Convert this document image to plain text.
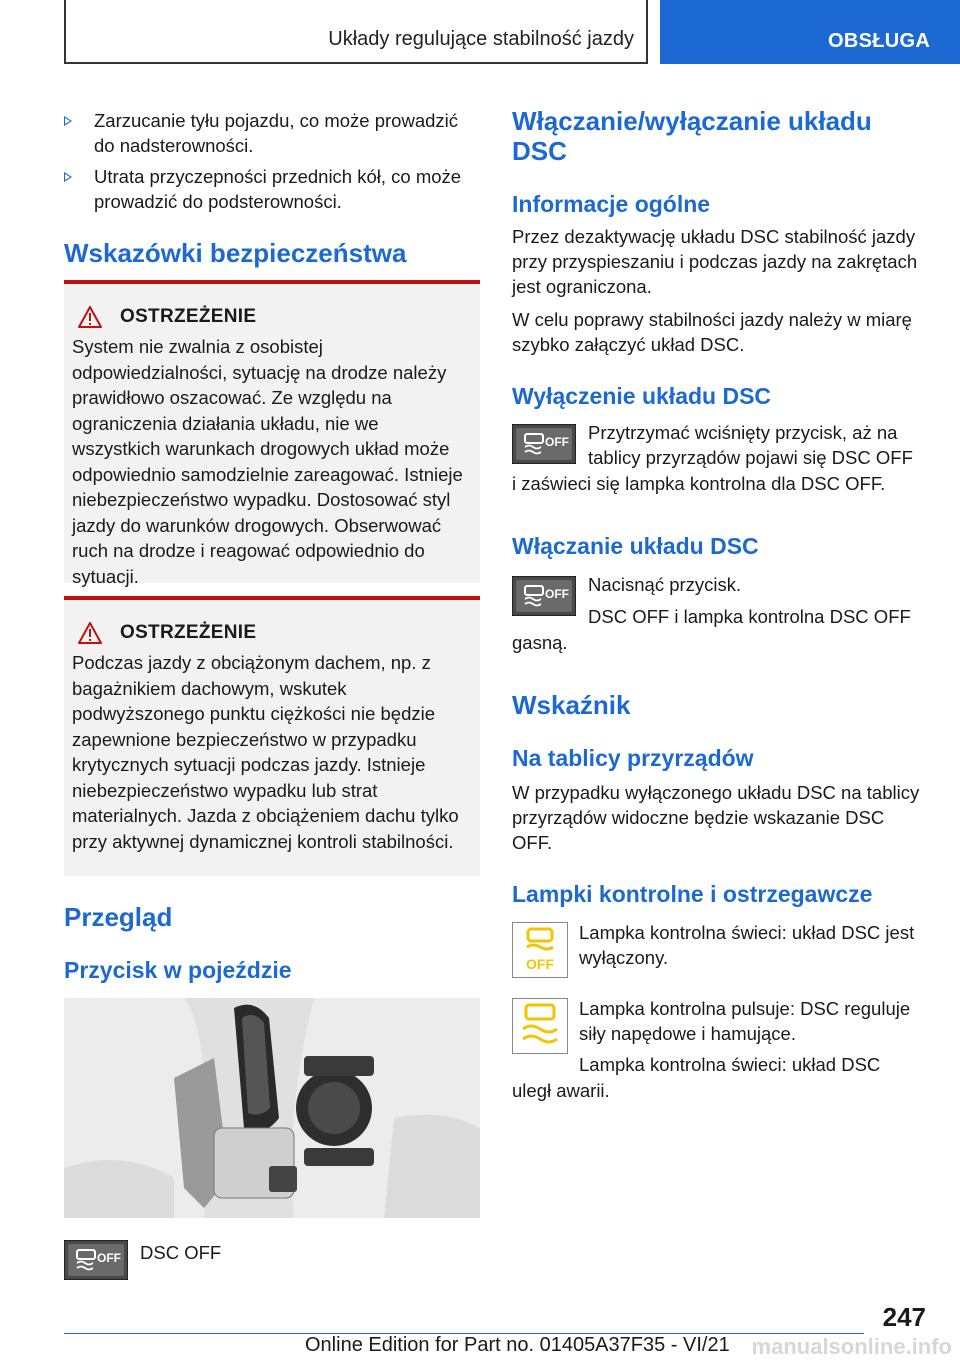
Układy regulujące stabilność jazdy	OBSŁUGA
Zarzucanie tyłu pojazdu, co może prowadzić do nadsterowności.
Utrata przyczepności przednich kół, co może prowadzić do podsterowności.
Wskazówki bezpieczeństwa
OSTRZEŻENIE

System nie zwalnia z osobistej odpowiedzialności, sytuację na drodze należy prawidłowo oszacować. Ze względu na ograniczenia działania układu, nie we wszystkich warunkach drogowych układ może odpowiednio samodzielnie zareagować. Istnieje niebezpieczeństwo wypadku. Dostosować styl jazdy do warunków drogowych. Obserwować ruch na drodze i reagować odpowiednio do sytuacji.

OSTRZEŻENIE

Podczas jazdy z obciążonym dachem, np. z bagażnikiem dachowym, wskutek podwyższonego punktu ciężkości nie będzie zapewnione bezpieczeństwo w przypadku krytycznych sytuacji podczas jazdy. Istnieje niebezpieczeństwo wypadku lub strat materialnych. Jazda z obciążeniem dachu tylko przy aktywnej dynamicznej kontroli stabilności.

Przegląd
Przycisk w pojeździe
OFF DSC OFF
Włączanie/wyłączanie układu DSC
Informacje ogólne

Przez dezaktywację układu DSC stabilność jazdy przy przyspieszaniu i podczas jazdy na zakrętach jest ograniczona.

W celu poprawy stabilności jazdy należy w miarę szybko załączyć układ DSC.

Wyłączenie układu DSC
OFF Przytrzymać wciśnięty przycisk, aż na

tablicy przyrządów pojawi się DSC OFF

i zaświeci się lampka kontrolna dla DSC OFF.

Włączanie układu DSC
OFF Nacisnąć przycisk.

DSC OFF i lampka kontrolna DSC OFF

gasną.

Wskaźnik
Na tablicy przyrządów

W przypadku wyłączonego układu DSC na tablicy przyrządów widoczne będzie wskazanie DSC OFF.

Lampki kontrolne i ostrzegawcze
OFF

Lampka kontrolna świeci: układ DSC jest wyłączony.

Lampka kontrolna pulsuje: DSC reguluje siły napędowe i hamujące.

Lampka kontrolna świeci: układ DSC

uległ awarii.

247
Online Edition for Part no. 01405A37F35 - VI/21 manualsonline.info
